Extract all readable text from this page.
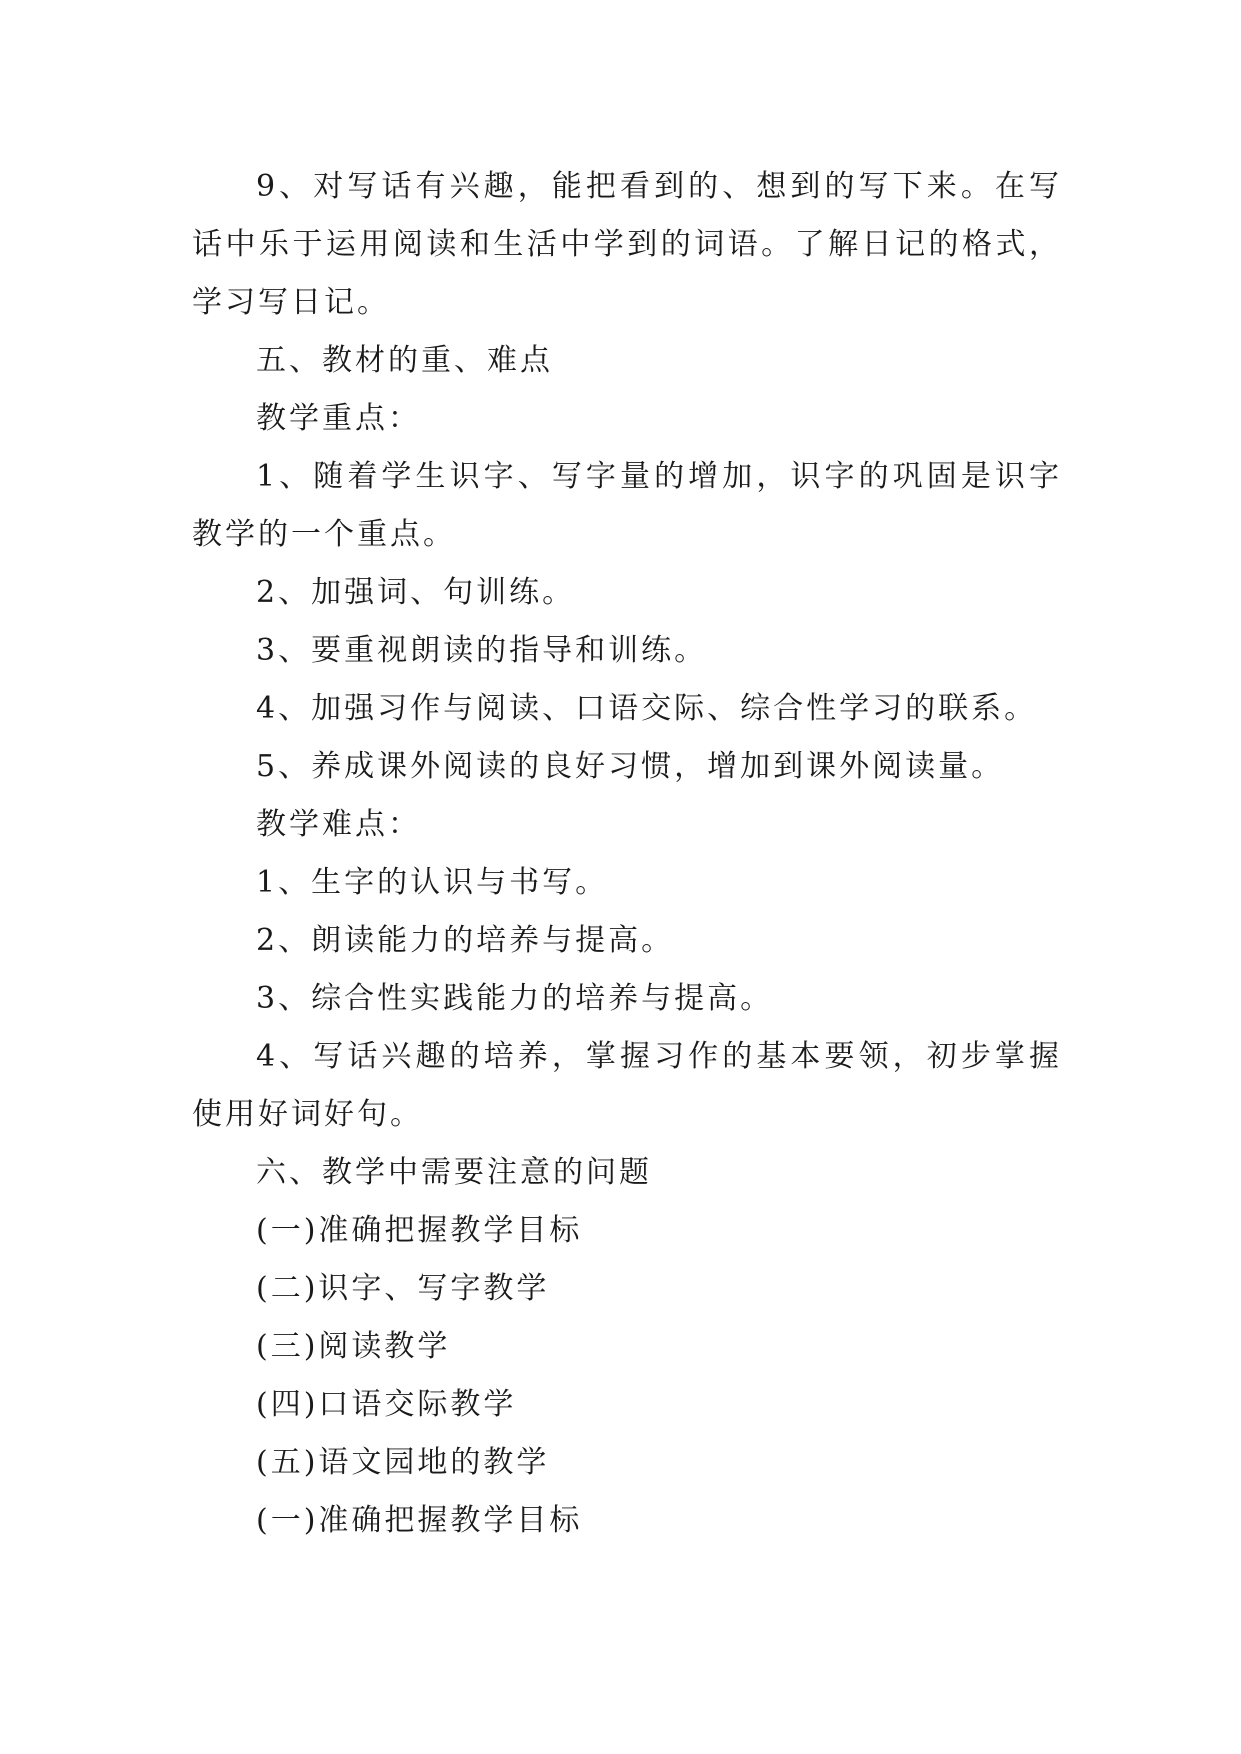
9、对写话有兴趣，能把看到的、想到的写下来。在写话中乐于运用阅读和生活中学到的词语。了解日记的格式，学习写日记。

五、教材的重、难点

教学重点：

1、随着学生识字、写字量的增加，识字的巩固是识字教学的一个重点。

2、加强词、句训练。

3、要重视朗读的指导和训练。

4、加强习作与阅读、口语交际、综合性学习的联系。

5、养成课外阅读的良好习惯，增加到课外阅读量。

教学难点：

1、生字的认识与书写。

2、朗读能力的培养与提高。

3、综合性实践能力的培养与提高。

4、写话兴趣的培养，掌握习作的基本要领，初步掌握使用好词好句。

六、教学中需要注意的问题

(一)准确把握教学目标

(二)识字、写字教学

(三)阅读教学

(四)口语交际教学

(五)语文园地的教学

(一)准确把握教学目标
